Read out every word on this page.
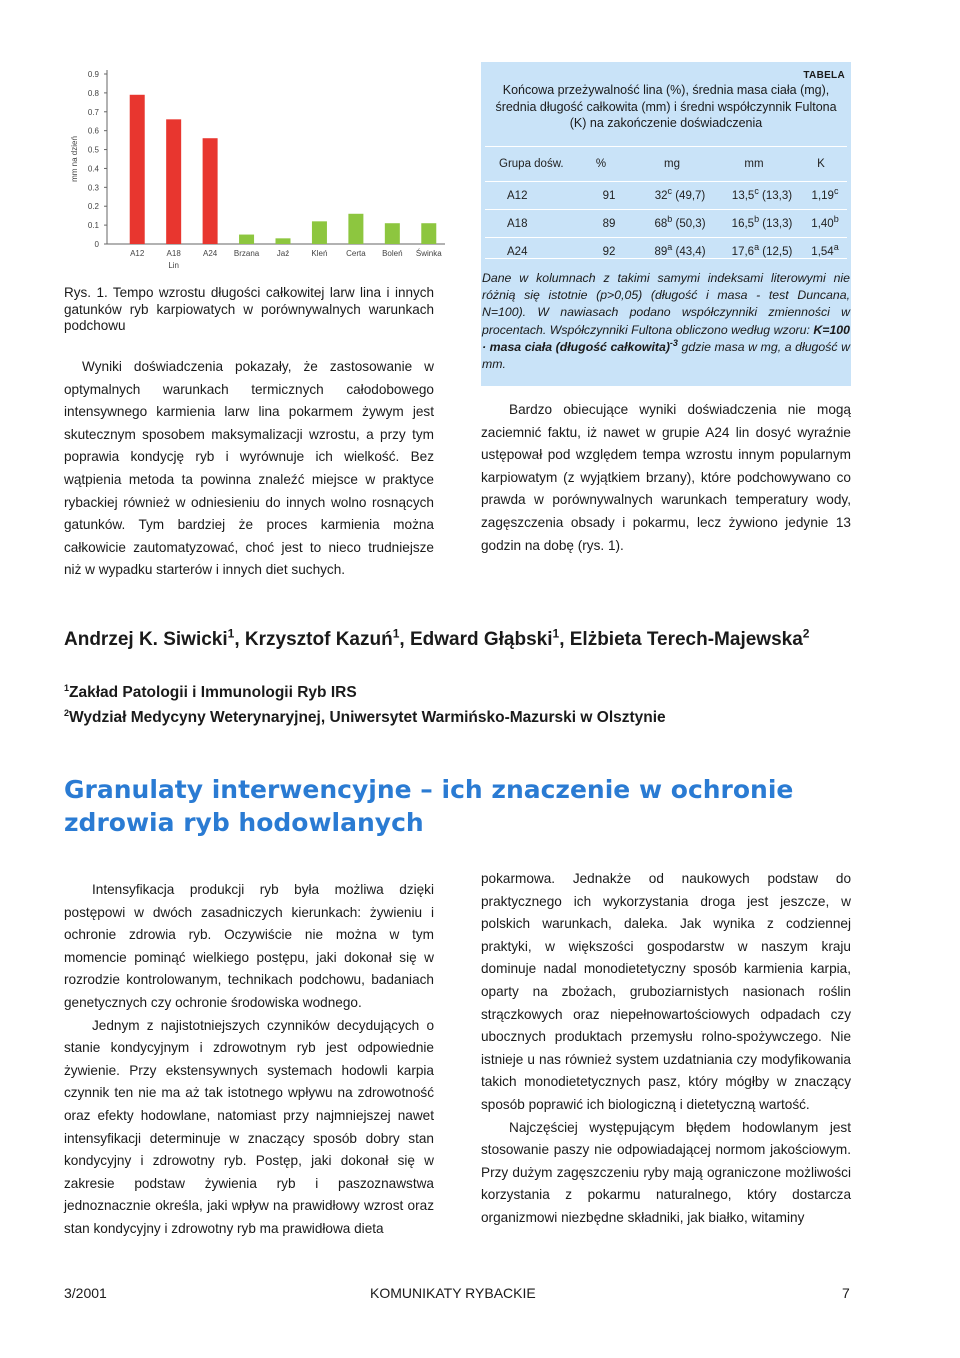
0
0.1
0.2
0.3
0.4
0.5
0.6
0.7
0.8
0.9
mm na dzień
A12	A18	A24 Brzana Jaź	Kleń Certa Boleń Świnka
Lin
Rys. 1. Tempo wzrostu długości całkowitej larw lina i innych gatunków ryb karpiowatych w porównywalnych warunkach podchowu
Wyniki doświadczenia pokazały, że zastosowanie w optymalnych warunkach termicznych całodobowego intensywnego karmienia larw lina pokarmem żywym jest skutecznym sposobem maksymalizacji wzrostu, a przy tym poprawia kondycję ryb i wyrównuje ich wielkość. Bez wątpienia metoda ta powinna znaleźć miejsce w praktyce rybackiej również w odniesieniu do innych wolno rosnących gatunków. Tym bardziej że proces karmienia można całkowicie zautomatyzować, choć jest to nieco trudniejsze niż w wypadku starterów i innych diet suchych.
TABELA
Końcowa przeżywalność lina (%), średnia masa ciała (mg), średnia długość całkowita (mm) i średni współczynnik Fultona (K) na zakończenie doświadczenia
Grupa dośw.	%	mg	mm	K
A12	91	32$^c$ (49,7)	13,5$^c$ (13,3)	1,19$^c$

A18	89	68$^b$ (50,3)	16,5$^b$ (13,3)	1,40$^b$

A24	92	89$^a$ (43,4)	17,6$^a$ (12,5)	1,54$^a$
Dane w kolumnach z takimi samymi indeksami literowymi nie różnią się istotnie (p>0,05) (długość i masa - test Duncana, N=100). W nawiasach podano współczynniki zmienności w procentach. Współczynniki Fultona obliczono według wzoru: K=100 · masa ciała (długość całkowita)$^{-3}$ gdzie masa w mg, a długość w mm.
Bardzo obiecujące wyniki doświadczenia nie mogą zaciemnić faktu, iż nawet w grupie A24 lin dosyć wyraźnie ustępował pod względem tempa wzrostu innym popularnym karpiowatym (z wyjątkiem brzany), które podchowywano co prawda w porównywalnych warunkach temperatury wody, zagęszczenia obsady i pokarmu, lecz żywiono jedynie 13 godzin na dobę (rys. 1).
Andrzej K. Siwicki$^1$, Krzysztof Kazuń$^1$, Edward Głąbski$^1$, Elżbieta Terech-Majewska$^2$
$^1$Zakład Patologii i Immunologii Ryb IRS
$^2$Wydział Medycyny Weterynaryjnej, Uniwersytet Warmińsko-Mazurski w Olsztynie
Granulaty interwencyjne – ich znaczenie w ochronie
zdrowia ryb hodowlanych
Intensyfikacja produkcji ryb była możliwa dzięki postępowi w dwóch zasadniczych kierunkach: żywieniu i ochronie zdrowia ryb. Oczywiście nie można w tym momencie pominąć wielkiego postępu, jaki dokonał się w rozrodzie kontrolowanym, technikach podchowu, badaniach genetycznych czy ochronie środowiska wodnego.
Jednym z najistotniejszych czynników decydujących o stanie kondycyjnym i zdrowotnym ryb jest odpowiednie żywienie. Przy ekstensywnych systemach hodowli karpia czynnik ten nie ma aż tak istotnego wpływu na zdrowotność oraz efekty hodowlane, natomiast przy najmniejszej nawet intensyfikacji determinuje w znaczący sposób dobry stan kondycyjny i zdrowotny ryb. Postęp, jaki dokonał się w zakresie podstaw żywienia ryb i paszoznawstwa jednoznacznie określa, jaki wpływ na prawidłowy wzrost oraz stan kondycyjny i zdrowotny ryb ma prawidłowa dieta
pokarmowa. Jednakże od naukowych podstaw do praktycznego ich wykorzystania droga jest jeszcze, w polskich warunkach, daleka. Jak wynika z codziennej praktyki, w większości gospodarstw w naszym kraju dominuje nadal monodietetyczny sposób karmienia karpia, oparty na zbożach, gruboziarnistych nasionach roślin strączkowych oraz niepełnowartościowych odpadach czy ubocznych produktach przemysłu rolno-spożywczego. Nie istnieje u nas również system uzdatniania czy modyfikowania takich monodietetycznych pasz, który mógłby w znaczący sposób poprawić ich biologiczną i dietetyczną wartość.
Najczęściej występującym błędem hodowlanym jest stosowanie paszy nie odpowiadającej normom jakościowym. Przy dużym zagęszczeniu ryby mają ograniczone możliwości korzystania z pokarmu naturalnego, który dostarcza organizmowi niezbędne składniki, jak białko, witaminy
3/2001	KOMUNIKATY RYBACKIE	7
